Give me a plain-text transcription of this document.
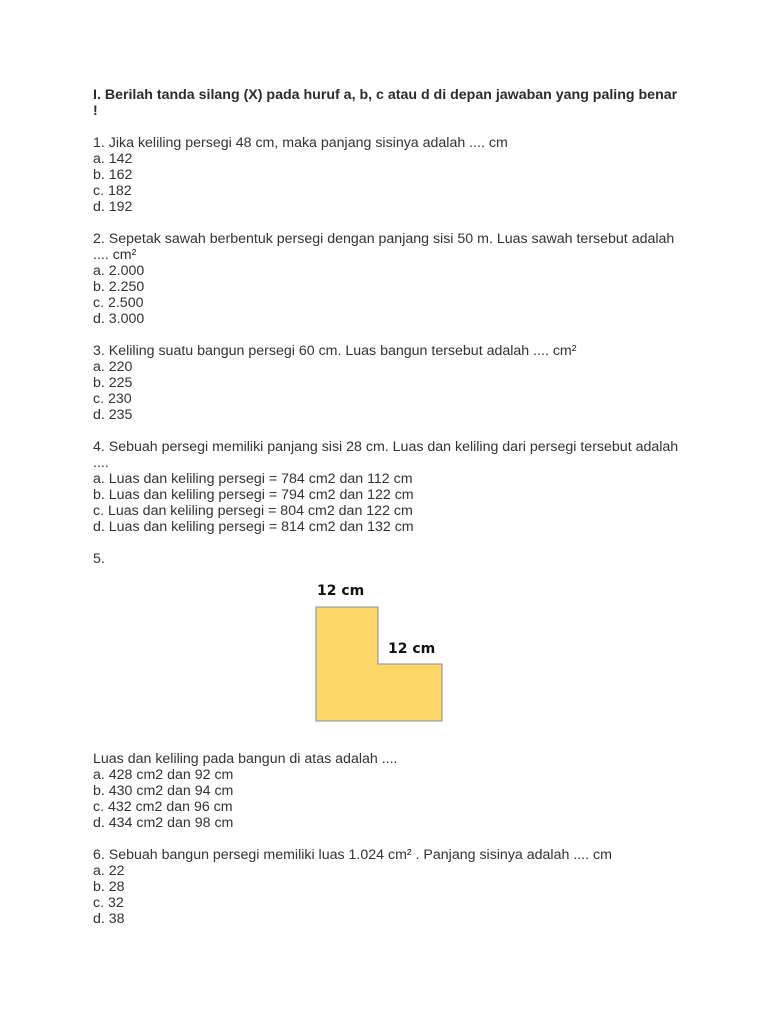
I. Berilah tanda silang (X) pada huruf a, b, c atau d di depan jawaban yang paling benar !

1. Jika keliling persegi 48 cm, maka panjang sisinya adalah .... cm
a. 142
b. 162
c. 182
d. 192
2. Sepetak sawah berbentuk persegi dengan panjang sisi 50 m. Luas sawah tersebut adalah .... cm²
a. 2.000
b. 2.250
c. 2.500
d. 3.000
3. Keliling suatu bangun persegi 60 cm. Luas bangun tersebut adalah .... cm²
a. 220
b. 225
c. 230
d. 235
4. Sebuah persegi memiliki panjang sisi 28 cm. Luas dan keliling dari persegi tersebut adalah ....
a. Luas dan keliling persegi = 784 cm2 dan 112 cm
b. Luas dan keliling persegi = 794 cm2 dan 122 cm
c. Luas dan keliling persegi = 804 cm2 dan 122 cm
d. Luas dan keliling persegi = 814 cm2 dan 132 cm
5.
12 cm
12 cm
Luas dan keliling pada bangun di atas adalah ....
a. 428 cm2 dan 92 cm
b. 430 cm2 dan 94 cm
c. 432 cm2 dan 96 cm
d. 434 cm2 dan 98 cm
6. Sebuah bangun persegi memiliki luas 1.024 cm² . Panjang sisinya adalah .... cm
a. 22
b. 28
c. 32
d. 38
